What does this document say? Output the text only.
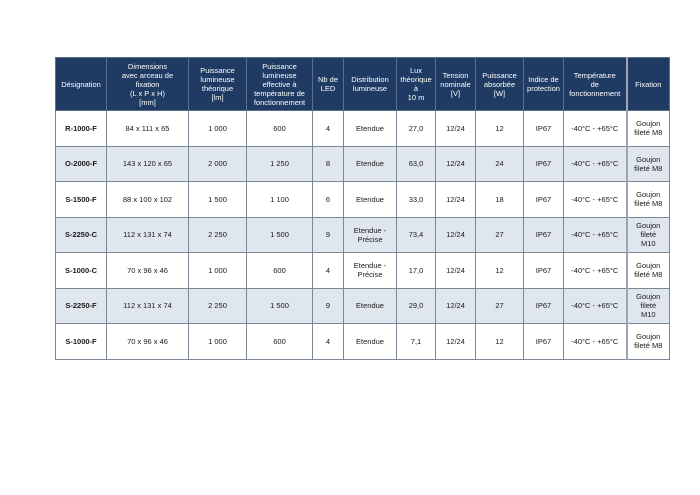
Désignation	Dimensions
avec arceau de
fixation
(L x P x H)
[mm]	Puissance
lumineuse
théorique
[lm]	Puissance
lumineuse
effective à
température de
fonctionnement	Nb de
LED	Distribution
lumineuse	Lux
théorique
à
10 m	Tension
nominale
[V]	Puissance
absorbée
[W]	Indice de
protection	Température
de
fonctionnement	Fixation
R-1000-F	84 x 111 x 65	1 000	600	4	Etendue	27,0	12/24	12	IP67	-40°C - +65°C	Goujon
fileté M8
O-2000-F	143 x 120 x 65	2 000	1 250	8	Etendue	63,0	12/24	24	IP67	-40°C - +65°C	Goujon
fileté M8
S-1500-F	88 x 100 x 102	1 500	1 100	6	Etendue	33,0	12/24	18	IP67	-40°C - +65°C	Goujon
fileté M8
S-2250-C	112 x 131 x 74	2 250	1 500	9	Etendue -
Précise	73,4	12/24	27	IP67	-40°C - +65°C	Goujon
fileté
M10
S-1000-C	70 x 96 x 46	1 000	600	4	Etendue -
Précise	17,0	12/24	12	IP67	-40°C - +65°C	Goujon
fileté M8
S-2250-F	112 x 131 x 74	2 250	1 500	9	Etendue	29,0	12/24	27	IP67	-40°C - +65°C	Goujon
fileté
M10
S-1000-F	70 x 96 x 46	1 000	600	4	Etendue	7,1	12/24	12	IP67	-40°C - +65°C	Goujon
fileté M8
